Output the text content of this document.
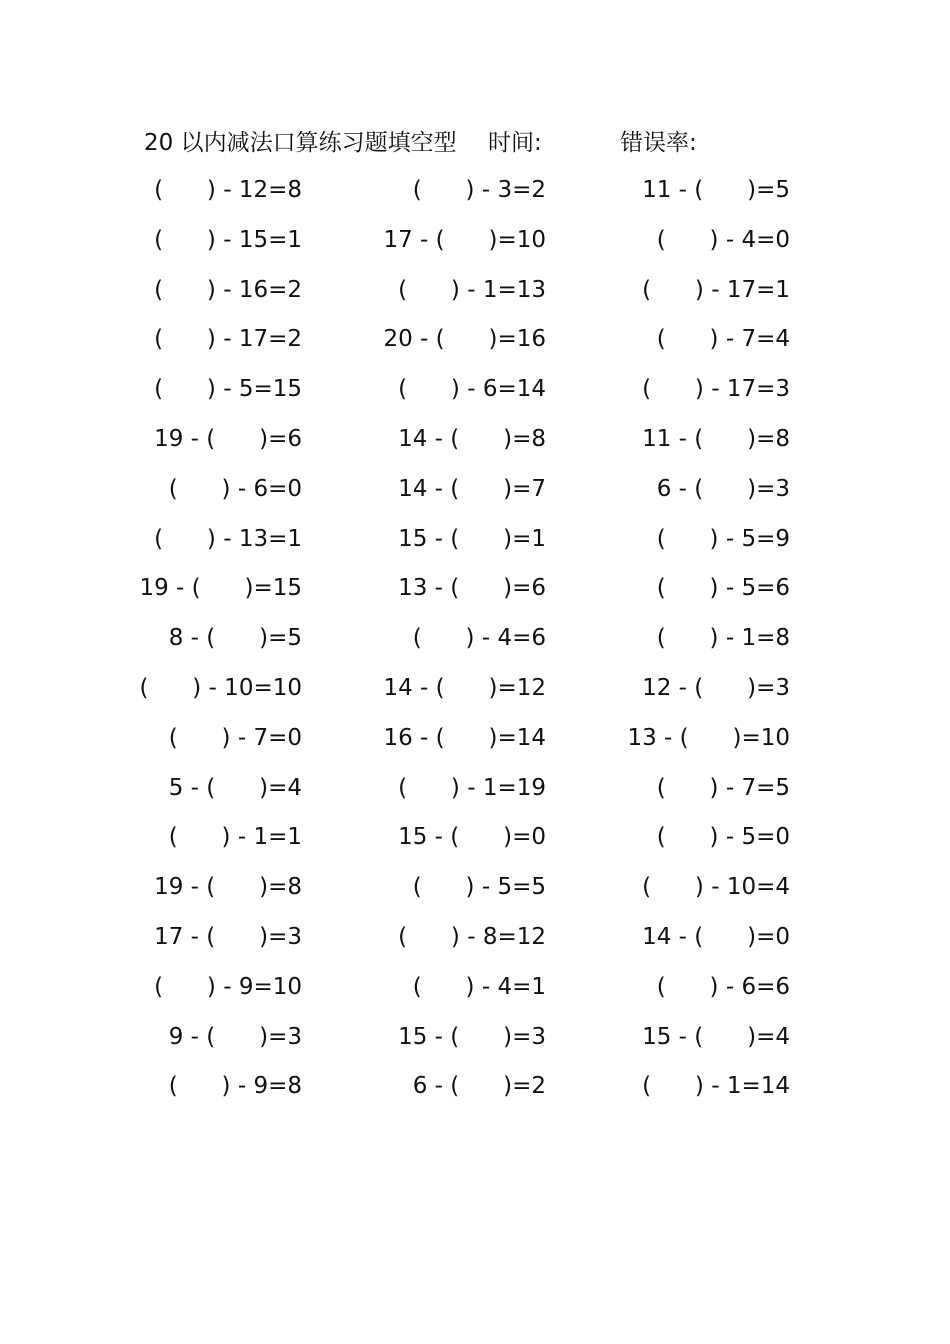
20 以内减法口算练习题填空型 时间:	错误率:
(      ) - 12=8	(      ) - 3=2	11 - (      )=5
(      ) - 15=1	17 - (      )=10	(      ) - 4=0
(      ) - 16=2	(      ) - 1=13	(      ) - 17=1
(      ) - 17=2	20 - (      )=16	(      ) - 7=4
(      ) - 5=15	(      ) - 6=14	(      ) - 17=3
19 - (      )=6	14 - (      )=8	11 - (      )=8
(      ) - 6=0	14 - (      )=7	6 - (      )=3
(      ) - 13=1	15 - (      )=1	(      ) - 5=9
19 - (      )=15	13 - (      )=6	(      ) - 5=6
8 - (      )=5	(      ) - 4=6	(      ) - 1=8
(      ) - 10=10	14 - (      )=12	12 - (      )=3
(      ) - 7=0	16 - (      )=14	13 - (      )=10
5 - (      )=4	(      ) - 1=19	(      ) - 7=5
(      ) - 1=1	15 - (      )=0	(      ) - 5=0
19 - (      )=8	(      ) - 5=5	(      ) - 10=4
17 - (      )=3	(      ) - 8=12	14 - (      )=0
(      ) - 9=10	(      ) - 4=1	(      ) - 6=6
9 - (      )=3	15 - (      )=3	15 - (      )=4
(      ) - 9=8	6 - (      )=2	(      ) - 1=14
